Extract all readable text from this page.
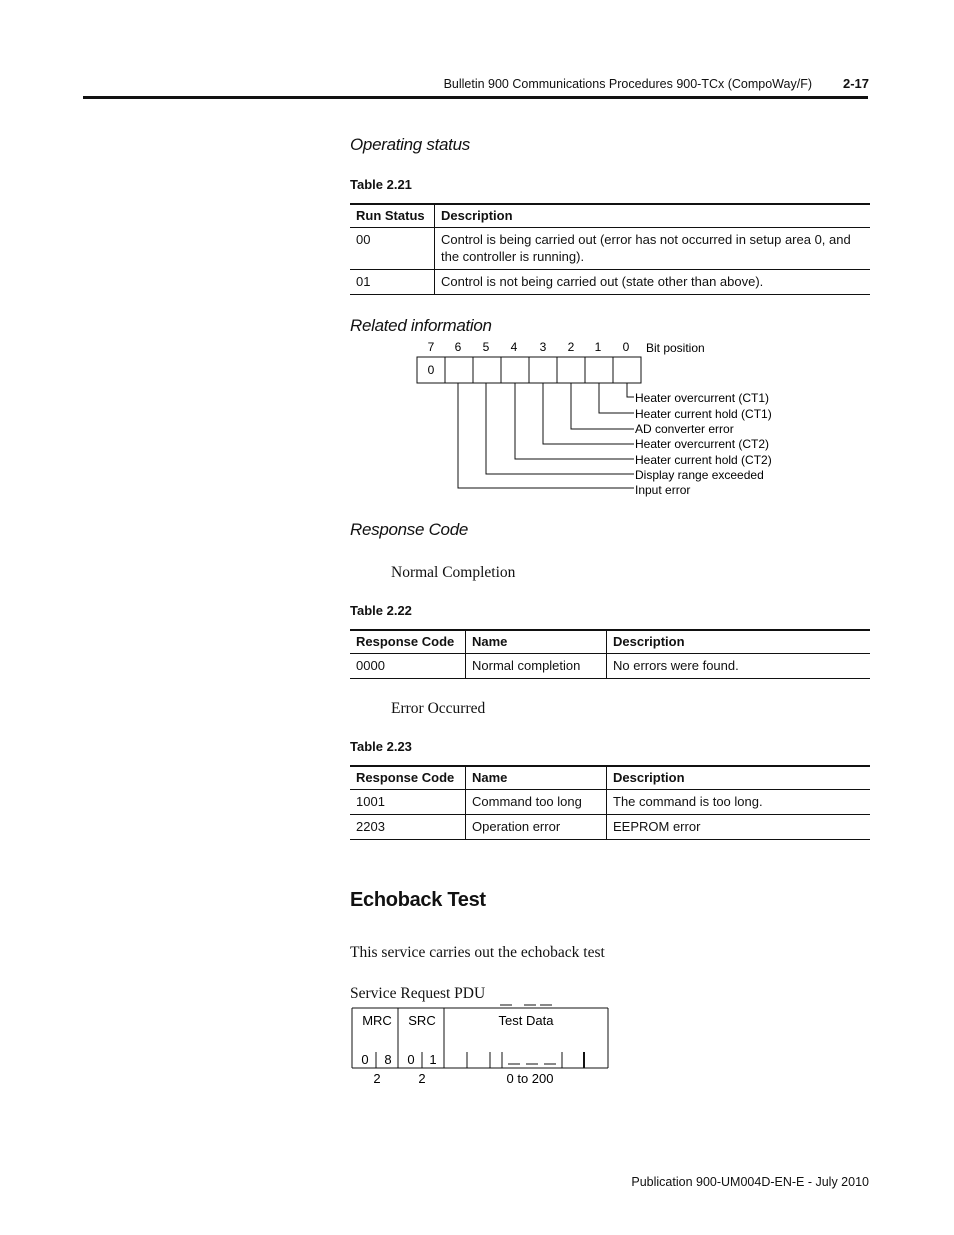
Bulletin 900 Communications Procedures 900-TCx (CompoWay/F) 2-17
Operating status
Table 2.21
Run Status	Description
00	Control is being carried out (error has not occurred in setup area 0, and the controller is running).
01	Control is not being carried out (state other than above).
Related information
7 6 5 4 3 2 1 0 Bit position
0
Heater overcurrent (CT1)
Heater current hold (CT1)
AD converter error
Heater overcurrent (CT2)
Heater current hold (CT2)
Display range exceeded
Input error
Response Code
Normal Completion
Table 2.22
Response Code	Name	Description
0000	Normal completion	No errors were found.
Error Occurred
Table 2.23
Response Code	Name	Description
1001	Command too long	The command is too long.
2203	Operation error	EEPROM error
Echoback Test
This service carries out the echoback test
Service Request PDU
MRC SRC	Test Data
0 8 0 1
2	2	0 to 200
Publication 900-UM004D-EN-E - July 2010
